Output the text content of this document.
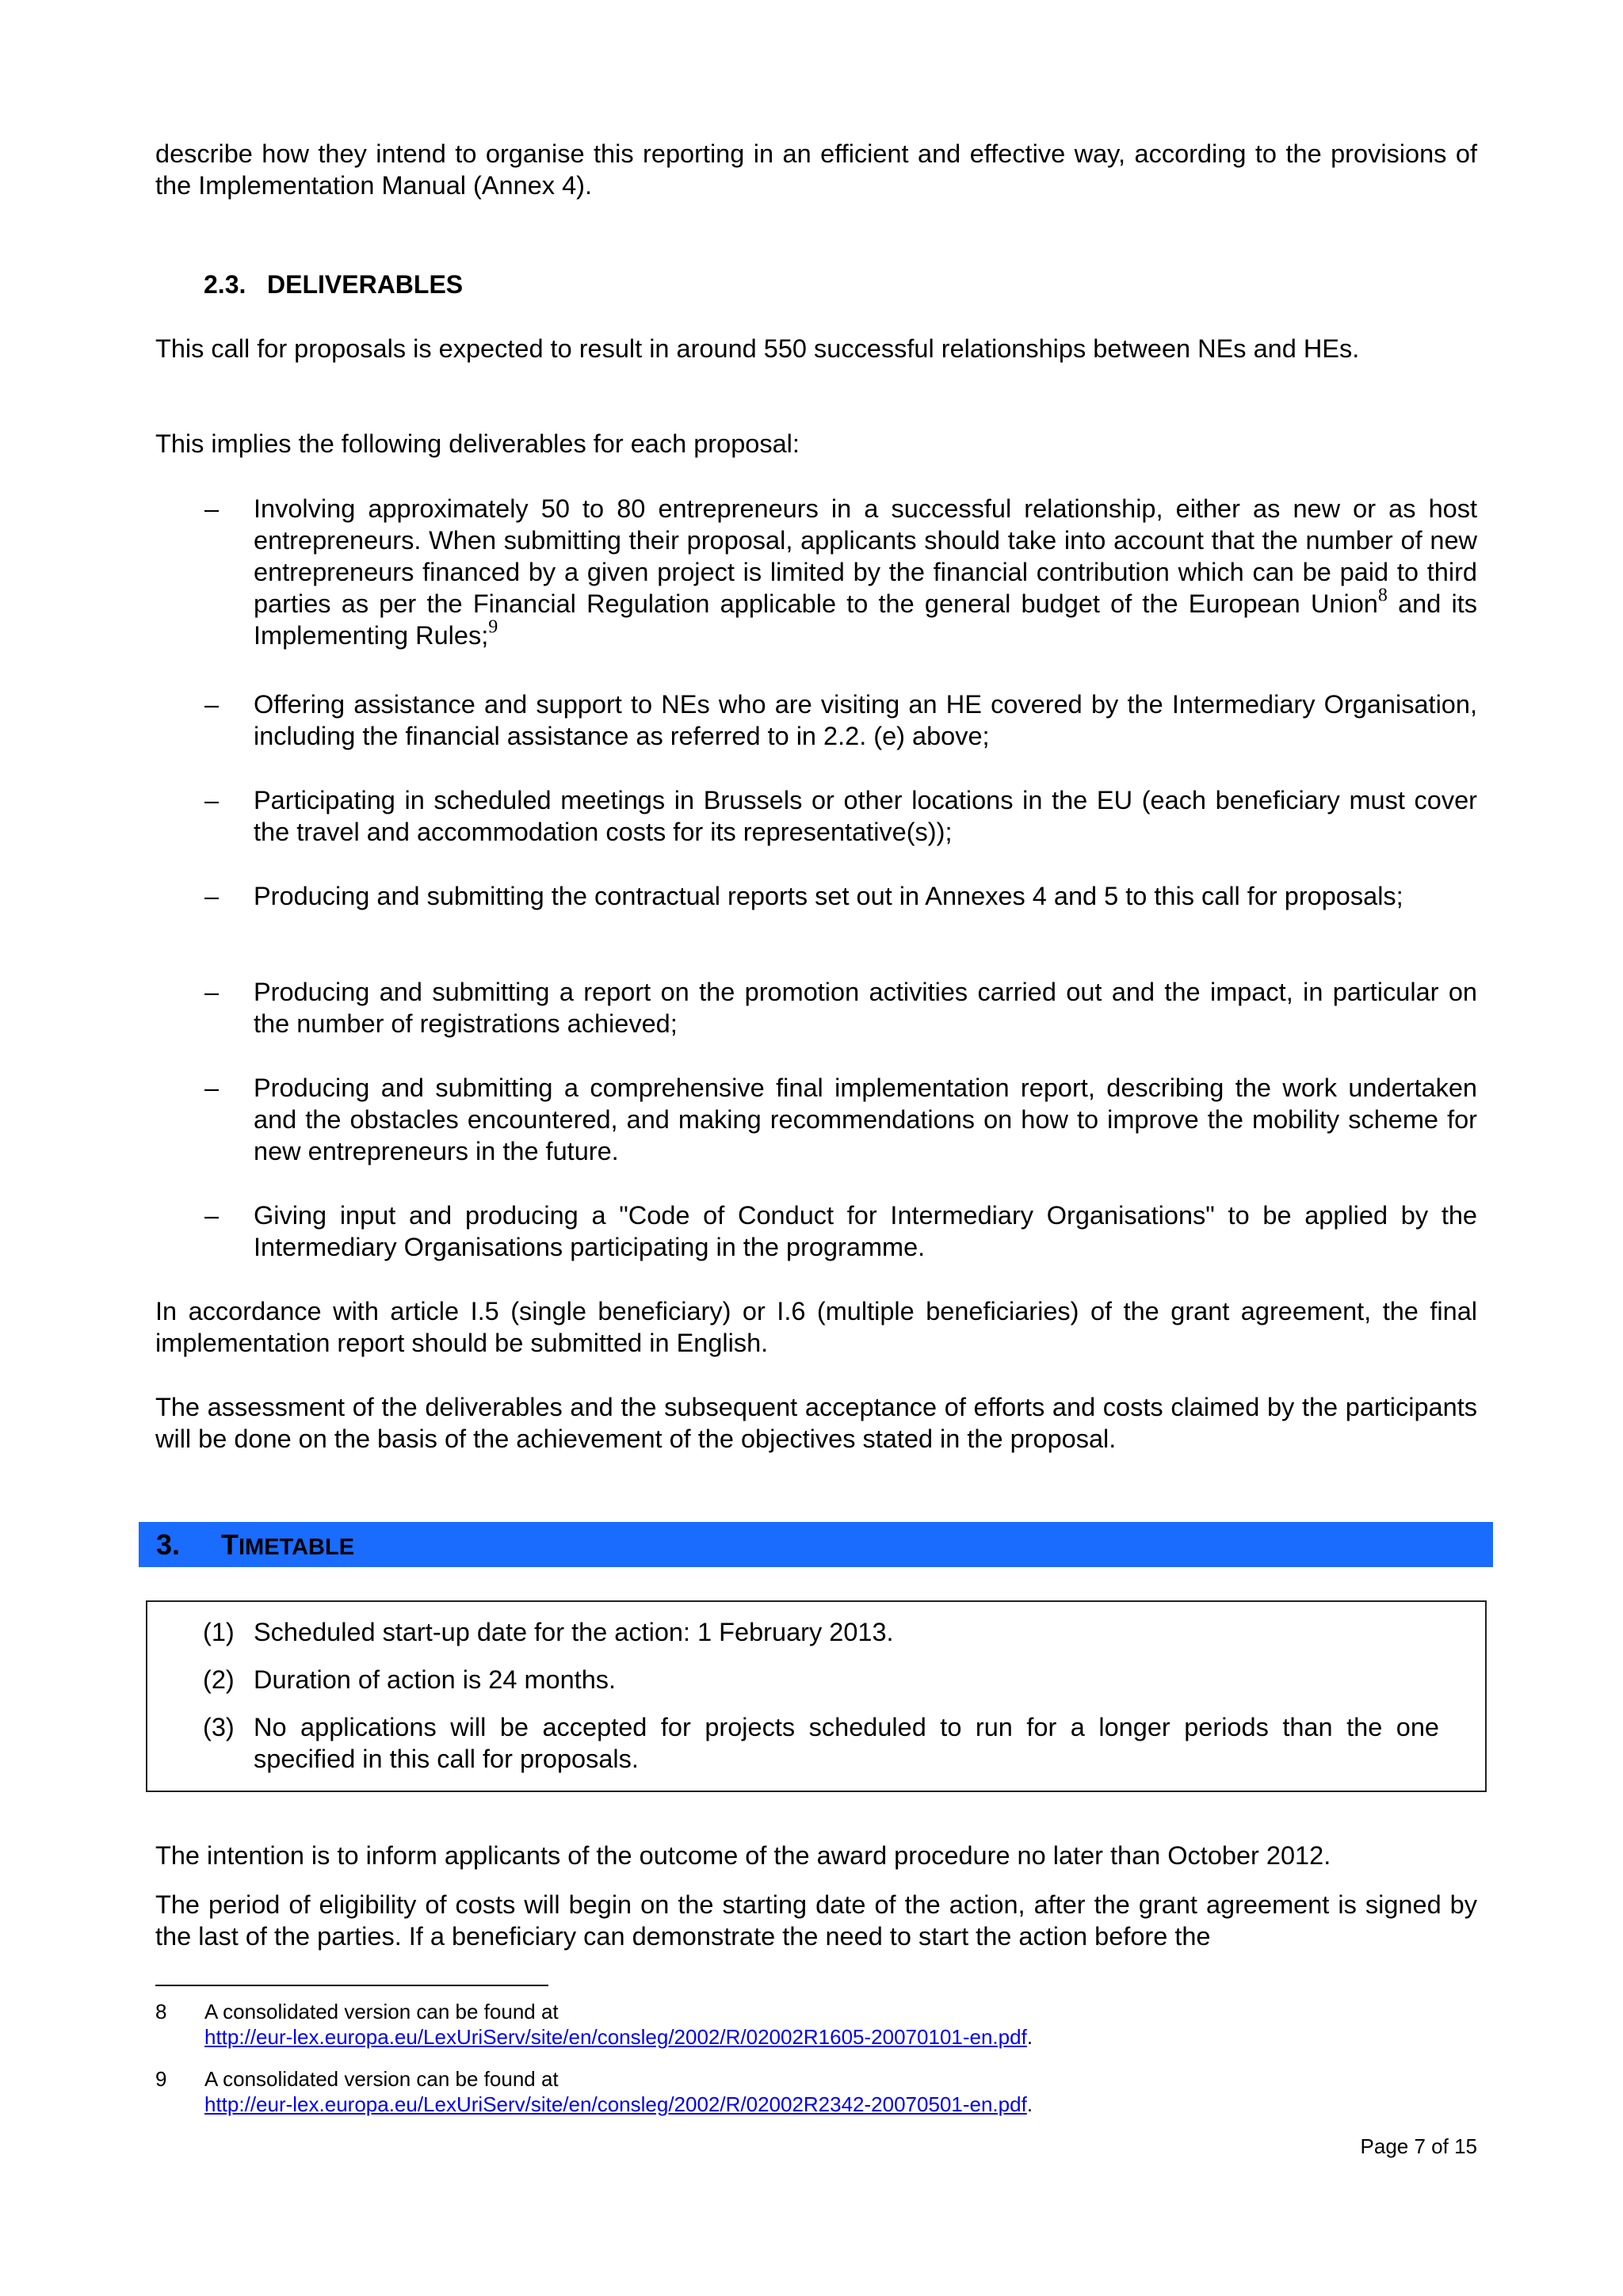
describe how they intend to organise this reporting in an efficient and effective way, according to the provisions of the Implementation Manual (Annex 4).
2.3. DELIVERABLES
This call for proposals is expected to result in around 550 successful relationships between NEs and HEs.
This implies the following deliverables for each proposal:
– Involving approximately 50 to 80 entrepreneurs in a successful relationship, either as new or as host entrepreneurs. When submitting their proposal, applicants should take into account that the number of new entrepreneurs financed by a given project is limited by the financial contribution which can be paid to third parties as per the Financial Regulation applicable to the general budget of the European Union$^8$ and its Implementing Rules;$^9$
– Offering assistance and support to NEs who are visiting an HE covered by the Intermediary Organisation, including the financial assistance as referred to in 2.2. (e) above;
– Participating in scheduled meetings in Brussels or other locations in the EU (each beneficiary must cover the travel and accommodation costs for its representative(s));
– Producing and submitting the contractual reports set out in Annexes 4 and 5 to this call for proposals;
– Producing and submitting a report on the promotion activities carried out and the impact, in particular on the number of registrations achieved;
– Producing and submitting a comprehensive final implementation report, describing the work undertaken and the obstacles encountered, and making recommendations on how to improve the mobility scheme for new entrepreneurs in the future.
– Giving input and producing a "Code of Conduct for Intermediary Organisations" to be applied by the Intermediary Organisations participating in the programme.
In accordance with article I.5 (single beneficiary) or I.6 (multiple beneficiaries) of the grant agreement, the final implementation report should be submitted in English.
The assessment of the deliverables and the subsequent acceptance of efforts and costs claimed by the participants will be done on the basis of the achievement of the objectives stated in the proposal.
3. TIMETABLE
(1) Scheduled start-up date for the action: 1 February 2013.
(2) Duration of action is 24 months.
(3) No applications will be accepted for projects scheduled to run for a longer periods than the one specified in this call for proposals.
The intention is to inform applicants of the outcome of the award procedure no later than October 2012.
The period of eligibility of costs will begin on the starting date of the action, after the grant agreement is signed by the last of the parties. If a beneficiary can demonstrate the need to start the action before the
8 A consolidated version can be found at
http://eur-lex.europa.eu/LexUriServ/site/en/consleg/2002/R/02002R1605-20070101-en.pdf.
9 A consolidated version can be found at
http://eur-lex.europa.eu/LexUriServ/site/en/consleg/2002/R/02002R2342-20070501-en.pdf.
Page 7 of 15
